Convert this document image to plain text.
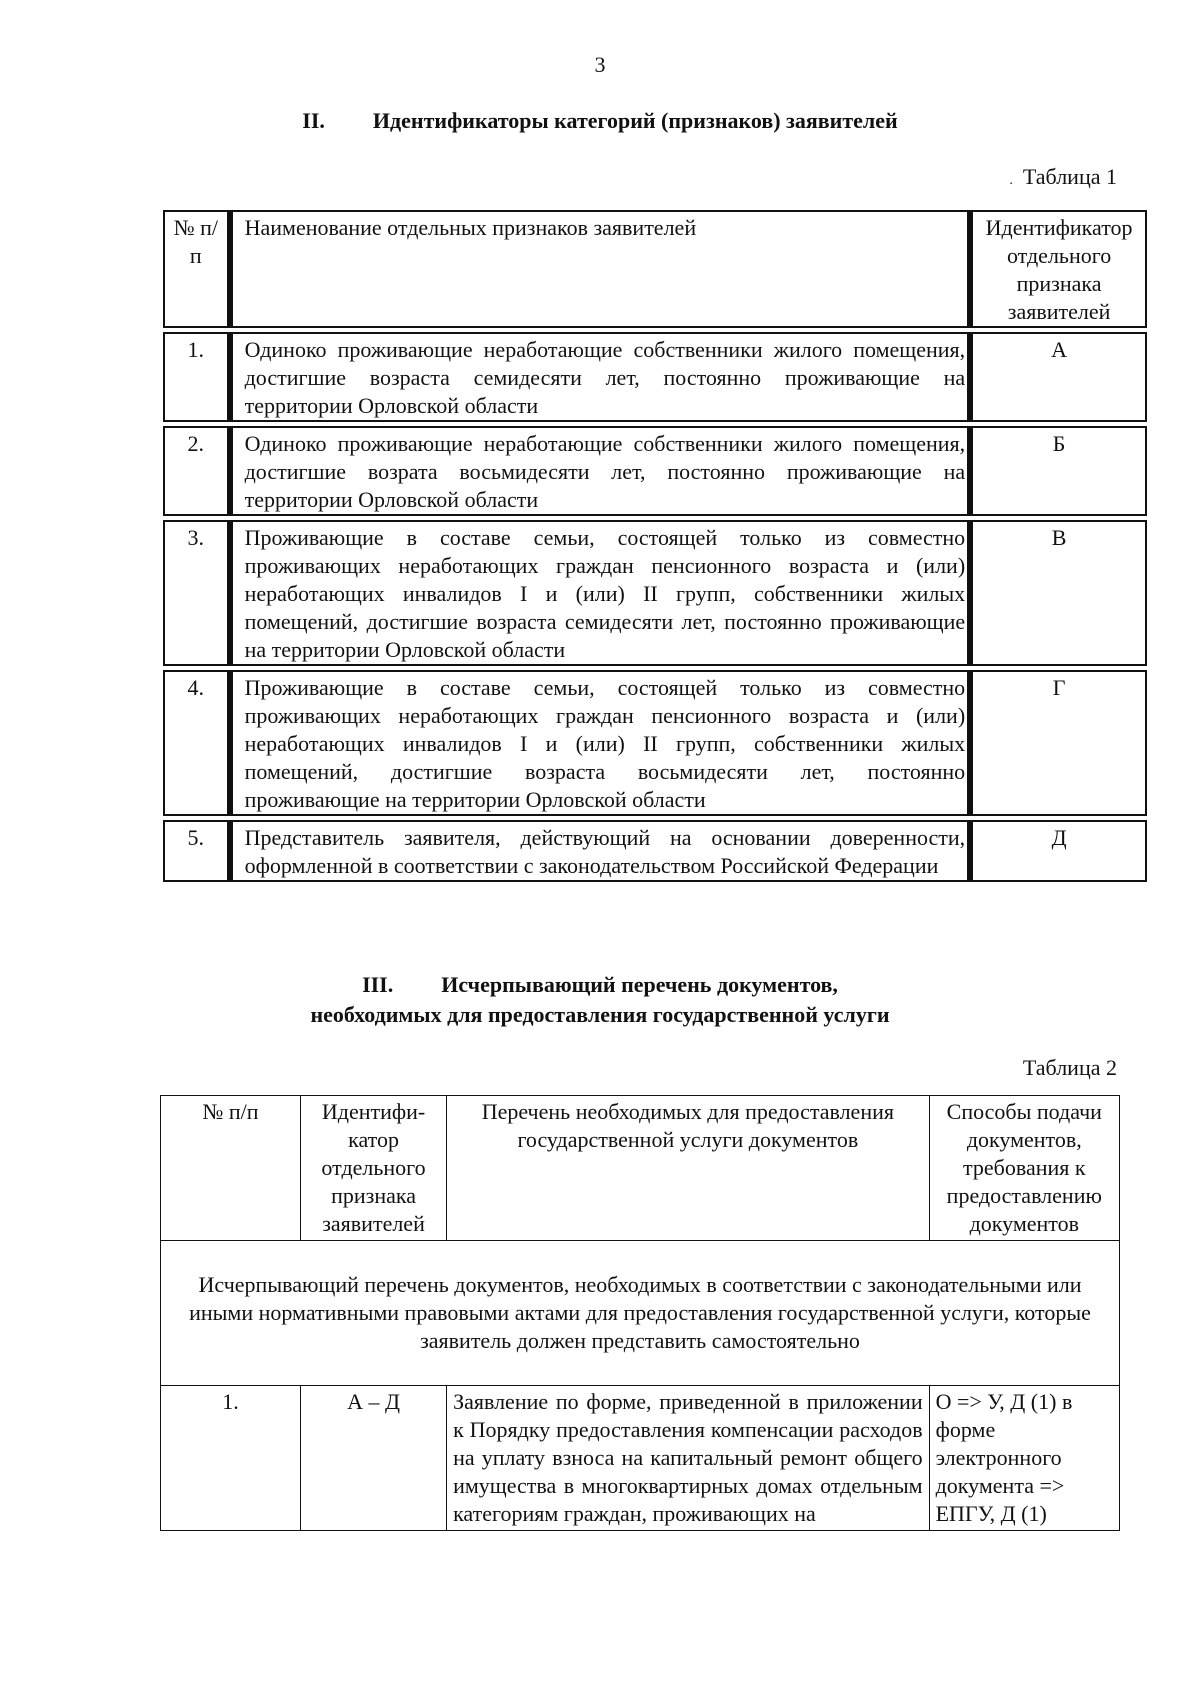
3
II. Идентификаторы категорий (признаков) заявителей
. Таблица 1
№ п/п	Наименование отдельных признаков заявителей	Идентификатор отдельного признака заявителей
1.	Одиноко проживающие неработающие собственники жилого помещения, достигшие возраста семидесяти лет, постоянно проживающие на территории Орловской области	А
2.	Одиноко проживающие неработающие собственники жилого помещения, достигшие возрата восьмидесяти лет, постоянно проживающие на территории Орловской области	Б
3.	Проживающие в составе семьи, состоящей только из совместно проживающих неработающих граждан пенсионного возраста и (или) неработающих инвалидов I и (или) II групп, собственники жилых помещений, достигшие возраста семидесяти лет, постоянно проживающие на территории Орловской области	В
4.	Проживающие в составе семьи, состоящей только из совместно проживающих неработающих граждан пенсионного возраста и (или) неработающих инвалидов I и (или) II групп, собственники жилых помещений, достигшие возраста восьмидесяти лет, постоянно проживающие на территории Орловской области	Г
5.	Представитель заявителя, действующий на основании доверенности, оформленной в соответствии с законодательством Российской Федерации	Д
III. Исчерпывающий перечень документов,
необходимых для предоставления государственной услуги
Таблица 2
№ п/п	Идентифи-катор отдельного признака заявителей	Перечень необходимых для предоставления государственной услуги документов	Способы подачи документов, требования к предоставлению документов
Исчерпывающий перечень документов, необходимых в соответствии с законодательными или иными нормативными правовыми актами для предоставления государственной услуги, которые заявитель должен представить самостоятельно			
1.	А – Д	Заявление по форме, приведенной в приложении к Порядку предоставления компенсации расходов на уплату взноса на капитальный ремонт общего имущества в многоквартирных домах отдельным категориям граждан, проживающих на	О => У, Д (1) в форме электронного документа => ЕПГУ, Д (1)
